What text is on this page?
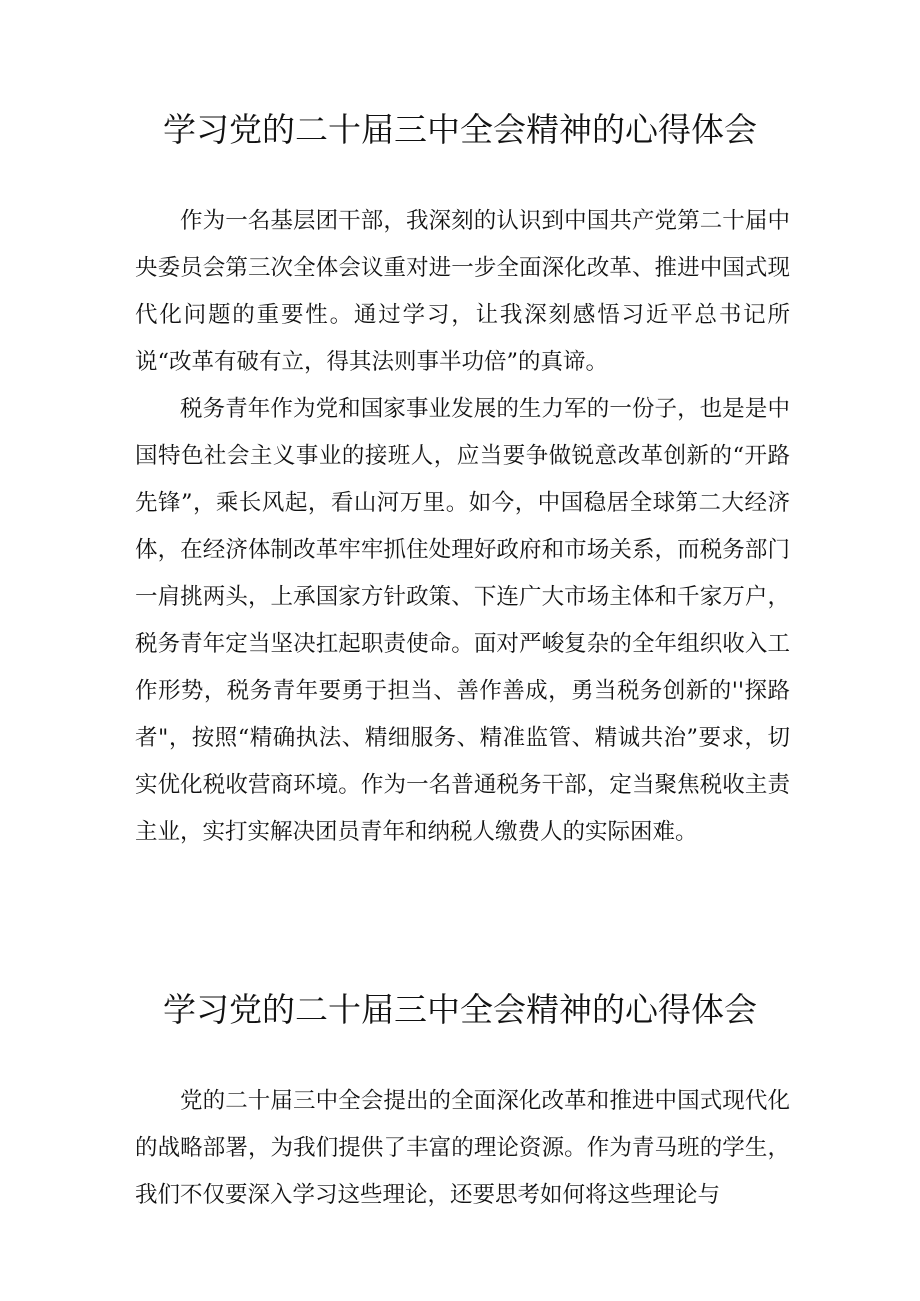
学习党的二十届三中全会精神的心得体会

作为一名基层团干部，我深刻的认识到中国共产党第二十届中央委员会第三次全体会议重对进一步全面深化改革、推进中国式现代化问题的重要性。通过学习，让我深刻感悟习近平总书记所说“改革有破有立，得其法则事半功倍”的真谛。

税务青年作为党和国家事业发展的生力军的一份子，也是是中国特色社会主义事业的接班人，应当要争做锐意改革创新的“开路先锋”，乘长风起，看山河万里。如今，中国稳居全球第二大经济体，在经济体制改革牢牢抓住处理好政府和市场关系，而税务部门一肩挑两头，上承国家方针政策、下连广大市场主体和千家万户，税务青年定当坚决扛起职责使命。面对严峻复杂的全年组织收入工作形势，税务青年要勇于担当、善作善成，勇当税务创新的''探路者"，按照“精确执法、精细服务、精准监管、精诚共治”要求，切实优化税收营商环境。作为一名普通税务干部，定当聚焦税收主责主业，实打实解决团员青年和纳税人缴费人的实际困难。

学习党的二十届三中全会精神的心得体会

党的二十届三中全会提出的全面深化改革和推进中国式现代化的战略部署，为我们提供了丰富的理论资源。作为青马班的学生，我们不仅要深入学习这些理论，还要思考如何将这些理论与
